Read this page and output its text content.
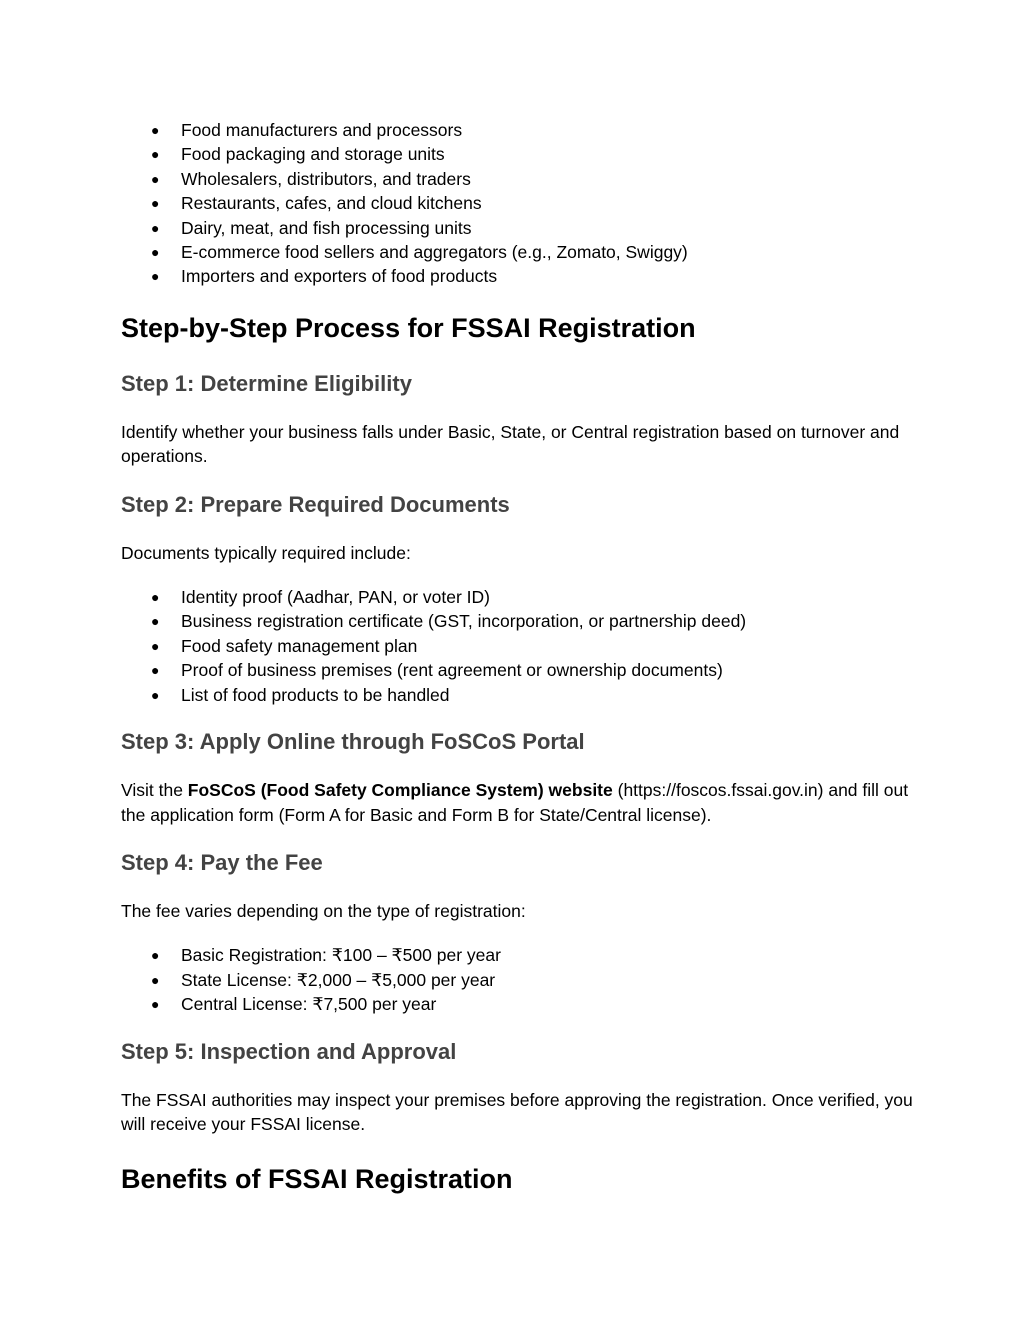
● Food manufacturers and processors
● Food packaging and storage units
● Wholesalers, distributors, and traders
● Restaurants, cafes, and cloud kitchens
● Dairy, meat, and fish processing units
● E-commerce food sellers and aggregators (e.g., Zomato, Swiggy)
● Importers and exporters of food products
Step-by-Step Process for FSSAI Registration
Step 1: Determine Eligibility

Identify whether your business falls under Basic, State, or Central registration based on turnover and operations.

Step 2: Prepare Required Documents

Documents typically required include:

● Identity proof (Aadhar, PAN, or voter ID)
● Business registration certificate (GST, incorporation, or partnership deed)
● Food safety management plan
● Proof of business premises (rent agreement or ownership documents)
● List of food products to be handled
Step 3: Apply Online through FoSCoS Portal

Visit the FoSCoS (Food Safety Compliance System) website (https://foscos.fssai.gov.in) and fill out the application form (Form A for Basic and Form B for State/Central license).

Step 4: Pay the Fee

The fee varies depending on the type of registration:

● Basic Registration: ₹100 – ₹500 per year
● State License: ₹2,000 – ₹5,000 per year
● Central License: ₹7,500 per year
Step 5: Inspection and Approval

The FSSAI authorities may inspect your premises before approving the registration. Once verified, you will receive your FSSAI license.

Benefits of FSSAI Registration
